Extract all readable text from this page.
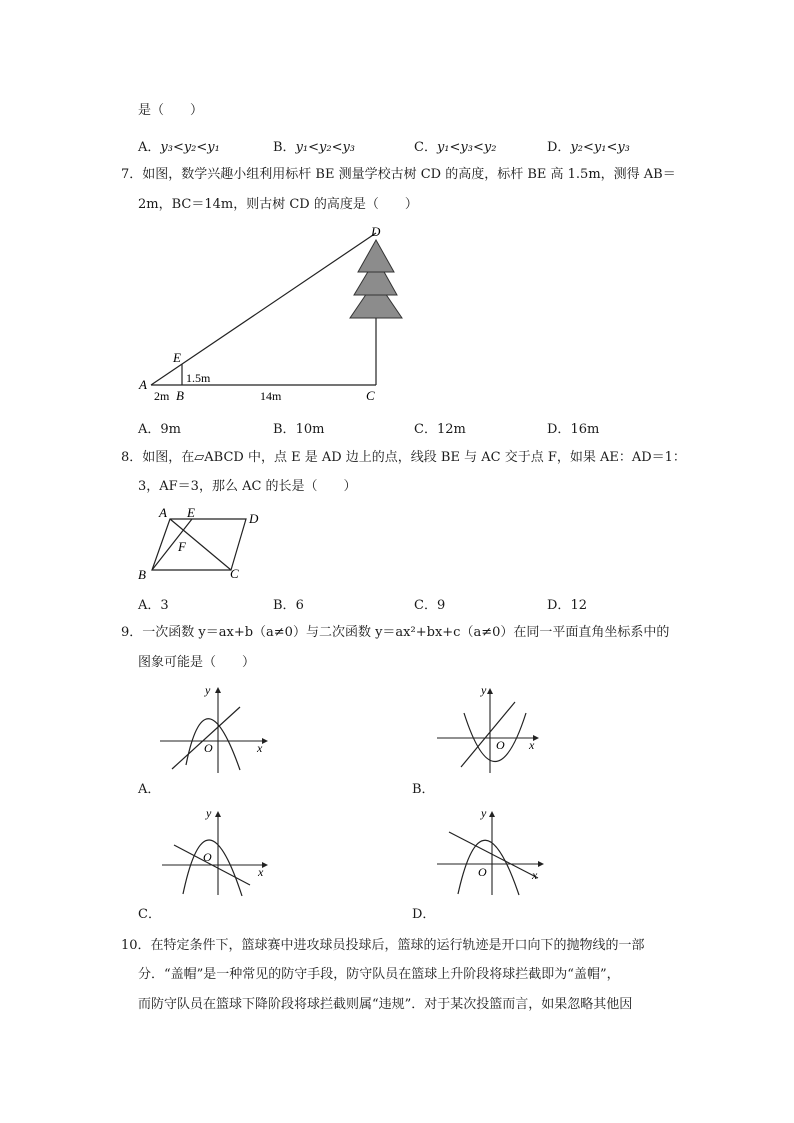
是（　　）
A．y₃<y₂<y₁	B．y₁<y₂<y₃	C．y₁<y₃<y₂	D．y₂<y₁<y₃
7．如图，数学兴趣小组利用标杆 BE 测量学校古树 CD 的高度，标杆 BE 高 1.5m，测得 AB＝
2m，BC＝14m，则古树 CD 的高度是（　　）
D
E
A
B	C
1.5m
2m	14m
A．9m	B．10m	C．12m	D．16m
8．如图，在▱ABCD 中，点 E 是 AD 边上的点，线段 BE 与 AC 交于点 F，如果 AE：AD＝1：
3，AF＝3，那么 AC 的长是（　　）
A E	D
F
B	C
A．3	B．6	C．9	D．12
9．一次函数 y＝ax+b（a≠0）与二次函数 y＝ax²+bx+c（a≠0）在同一平面直角坐标系中的
图象可能是（　　）
y
x
O
y
x
O
y
x
O
y
x
O
A．	B．
C．	D．
10．在特定条件下，篮球赛中进攻球员投球后，篮球的运行轨迹是开口向下的抛物线的一部
分．“盖帽”是一种常见的防守手段，防守队员在篮球上升阶段将球拦截即为“盖帽”，
而防守队员在篮球下降阶段将球拦截则属“违规”．对于某次投篮而言，如果忽略其他因
